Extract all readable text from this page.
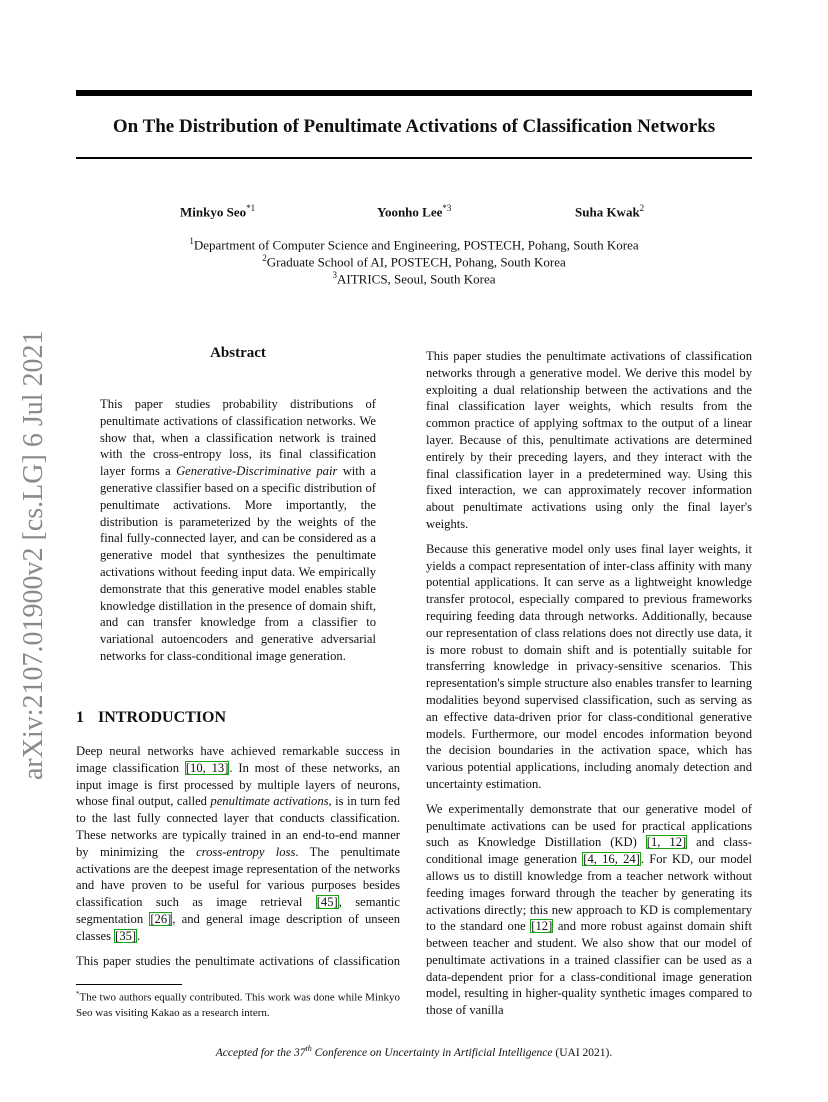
On The Distribution of Penultimate Activations of Classification Networks
Minkyo Seo$^{*1}$	Yoonho Lee$^{*3}$	Suha Kwak$^2$
$^1$Department of Computer Science and Engineering, POSTECH, Pohang, South Korea
$^2$Graduate School of AI, POSTECH, Pohang, South Korea
$^3$AITRICS, Seoul, South Korea
arXiv:2107.01900v2 [cs.LG] 6 Jul 2021	Abstract

This paper studies probability distributions of penultimate activations of classification networks. We show that, when a classification network is trained with the cross-entropy loss, its final classification layer forms a Generative-Discriminative pair with a generative classifier based on a specific distribution of penultimate activations. More importantly, the distribution is parameterized by the weights of the final fully-connected layer, and can be considered as a generative model that synthesizes the penultimate activations without feeding input data. We empirically demonstrate that this generative model enables stable knowledge distillation in the presence of domain shift, and can transfer knowledge from a classifier to variational autoencoders and generative adversarial networks for class-conditional image generation.

1 INTRODUCTION

Deep neural networks have achieved remarkable success in image classification [10, 13]. In most of these networks, an input image is first processed by multiple layers of neurons, whose final output, called penultimate activations, is in turn fed to the last fully connected layer that conducts classification. These networks are typically trained in an end-to-end manner by minimizing the cross-entropy loss. The penultimate activations are the deepest image representation of the networks and have proven to be useful for various purposes besides classification such as image retrieval [45], semantic segmentation [26], and general image description of unseen classes [35].

This paper studies the penultimate activations of classification

This paper studies the penultimate activations of classification networks through a generative model. We derive this model by exploiting a dual relationship between the activations and the final classification layer weights, which results from the common practice of applying softmax to the output of a linear layer. Because of this, penultimate activations are determined entirely by their preceding layers, and they interact with the final classification layer in a predetermined way. Using this fixed interaction, we can approximately recover information about penultimate activations using only the final layer's weights.

Because this generative model only uses final layer weights, it yields a compact representation of inter-class affinity with many potential applications. It can serve as a lightweight knowledge transfer protocol, especially compared to previous frameworks requiring feeding data through networks. Additionally, because our representation of class relations does not directly use data, it is more robust to domain shift and is potentially suitable for transferring knowledge in privacy-sensitive scenarios. This representation's simple structure also enables transfer to learning modalities beyond supervised classification, such as serving as an effective data-driven prior for class-conditional generative models. Furthermore, our model encodes information beyond the decision boundaries in the activation space, which has various potential applications, including anomaly detection and uncertainty estimation.

We experimentally demonstrate that our generative model of penultimate activations can be used for practical applications such as Knowledge Distillation (KD) [1, 12] and class-conditional image generation [4, 16, 24]. For KD, our model allows us to distill knowledge from a teacher network without feeding images forward through the teacher by generating its activations directly; this new approach to KD is complementary to the standard one [12] and more robust against domain shift between teacher and student. We also show that our model of penultimate activations in a trained classifier can be used as a data-dependent prior for a class-conditional image generation model, resulting in higher-quality synthetic images compared to those of vanilla

*The two authors equally contributed. This work was done while Minkyo Seo was visiting Kakao as a research intern.
Accepted for the 37th Conference on Uncertainty in Artificial Intelligence (UAI 2021).
